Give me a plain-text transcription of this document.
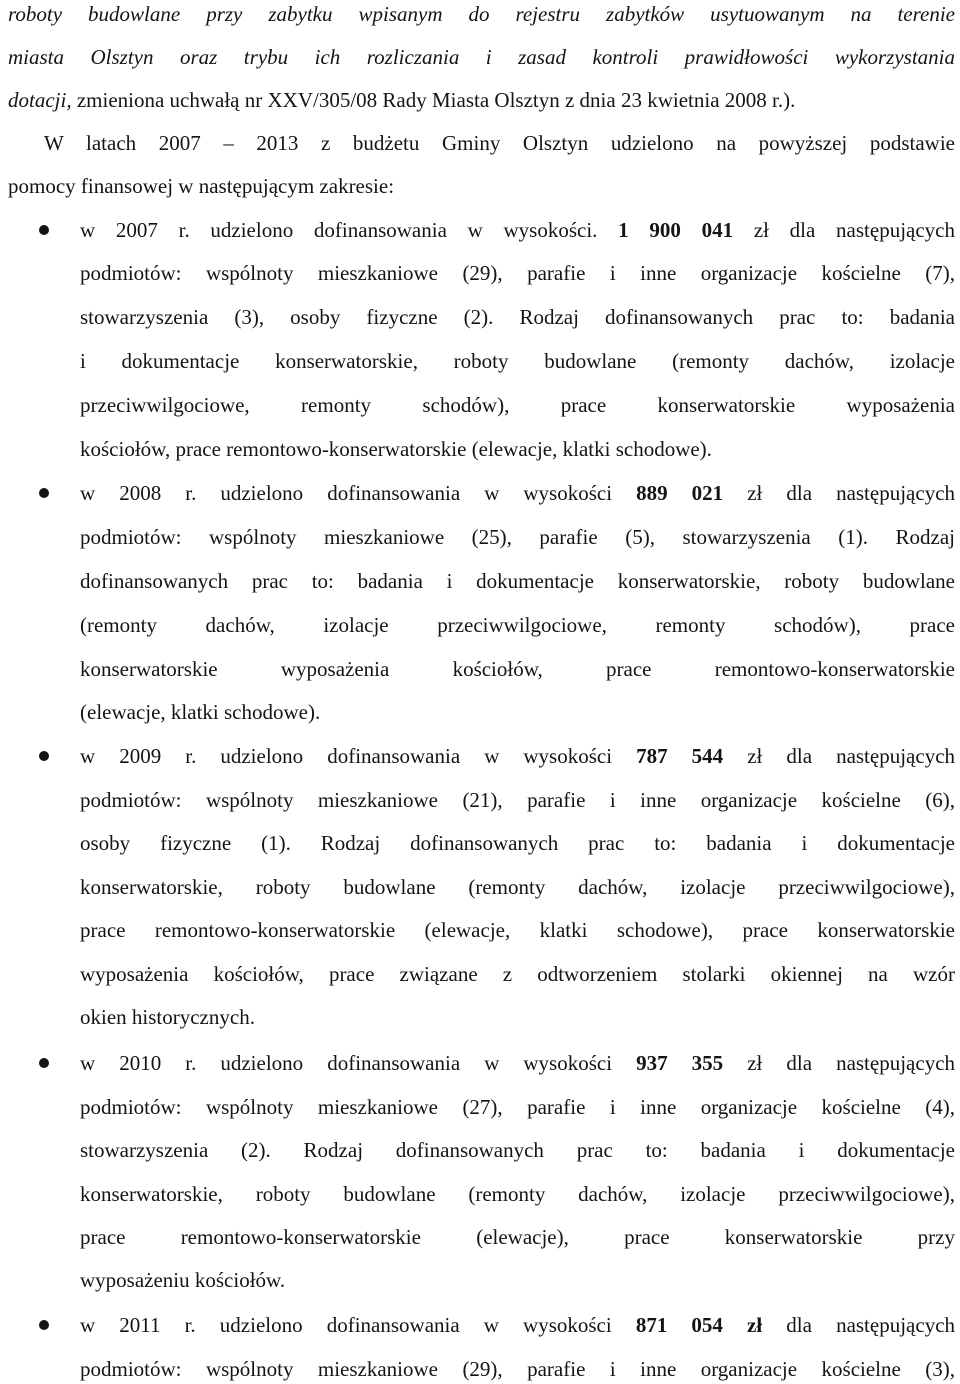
roboty budowlane przy zabytku wpisanym do rejestru zabytków usytuowanym na terenie
miasta Olsztyn oraz trybu ich rozliczania i zasad kontroli prawidłowości wykorzystania
dotacji, zmieniona uchwałą nr XXV/305/08 Rady Miasta Olsztyn z dnia 23 kwietnia 2008 r.).
W latach 2007 – 2013 z budżetu Gminy Olsztyn udzielono na powyższej podstawie
pomocy finansowej w następującym zakresie:
w 2007 r. udzielono dofinansowania w wysokości. 1 900 041 zł dla następujących
podmiotów: wspólnoty mieszkaniowe (29), parafie i inne organizacje kościelne (7),
stowarzyszenia (3), osoby fizyczne (2). Rodzaj dofinansowanych prac to: badania
i dokumentacje konserwatorskie, roboty budowlane (remonty dachów, izolacje
przeciwwilgociowe, remonty schodów), prace konserwatorskie wyposażenia
kościołów, prace remontowo-konserwatorskie (elewacje, klatki schodowe).
w 2008 r. udzielono dofinansowania w wysokości 889 021 zł dla następujących
podmiotów: wspólnoty mieszkaniowe (25), parafie (5), stowarzyszenia (1). Rodzaj
dofinansowanych prac to: badania i dokumentacje konserwatorskie, roboty budowlane
(remonty dachów, izolacje przeciwwilgociowe, remonty schodów), prace
konserwatorskie wyposażenia kościołów, prace remontowo-konserwatorskie
(elewacje, klatki schodowe).
w 2009 r. udzielono dofinansowania w wysokości 787 544 zł dla następujących
podmiotów: wspólnoty mieszkaniowe (21), parafie i inne organizacje kościelne (6),
osoby fizyczne (1). Rodzaj dofinansowanych prac to: badania i dokumentacje
konserwatorskie, roboty budowlane (remonty dachów, izolacje przeciwwilgociowe),
prace remontowo-konserwatorskie (elewacje, klatki schodowe), prace konserwatorskie
wyposażenia kościołów, prace związane z odtworzeniem stolarki okiennej na wzór
okien historycznych.
w 2010 r. udzielono dofinansowania w wysokości 937 355 zł dla następujących
podmiotów: wspólnoty mieszkaniowe (27), parafie i inne organizacje kościelne (4),
stowarzyszenia (2). Rodzaj dofinansowanych prac to: badania i dokumentacje
konserwatorskie, roboty budowlane (remonty dachów, izolacje przeciwwilgociowe),
prace remontowo-konserwatorskie (elewacje), prace konserwatorskie przy
wyposażeniu kościołów.
w 2011 r. udzielono dofinansowania w wysokości 871 054 zł dla następujących
podmiotów: wspólnoty mieszkaniowe (29), parafie i inne organizacje kościelne (3),
